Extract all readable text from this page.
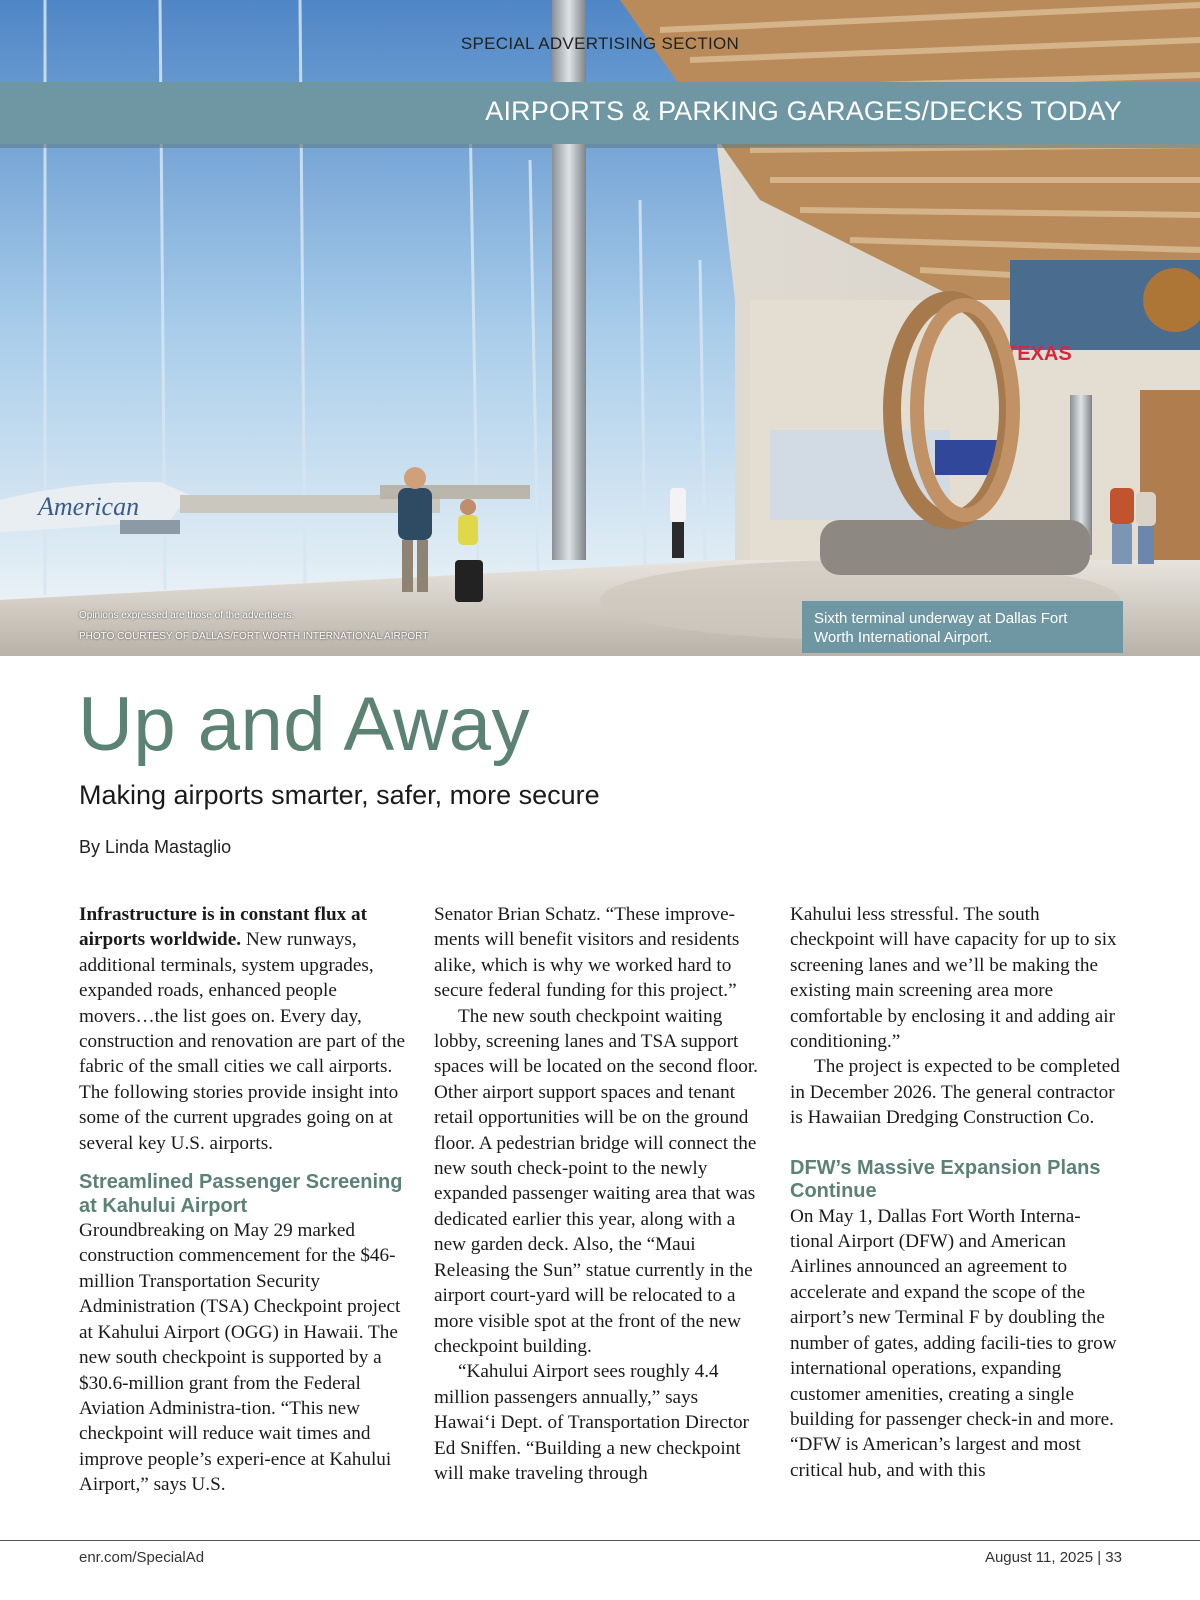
American
TEXAS
SPECIAL ADVERTISING SECTION
AIRPORTS & PARKING GARAGES/DECKS TODAY
Opinions expressed are those of the advertisers.
PHOTO COURTESY OF DALLAS/FORT WORTH INTERNATIONAL AIRPORT
Sixth terminal underway at Dallas Fort Worth International Airport.
Up and Away
Making airports smarter, safer, more secure
By Linda Mastaglio

Infrastructure is in constant flux at airports worldwide. New runways, additional terminals, system upgrades, expanded roads, enhanced people movers…the list goes on. Every day, construction and renovation are part of the fabric of the small cities we call airports. The following stories provide insight into some of the current upgrades going on at several key U.S. airports.

Streamlined Passenger Screening at Kahului Airport

Groundbreaking on May 29 marked construction commencement for the $46-million Transportation Security Administration (TSA) Checkpoint project at Kahului Airport (OGG) in Hawaii. The new south checkpoint is supported by a $30.6-million grant from the Federal Aviation Administra-tion. “This new checkpoint will reduce wait times and improve people’s experi-ence at Kahului Airport,” says U.S.

Senator Brian Schatz. “These improve-ments will benefit visitors and residents alike, which is why we worked hard to secure federal funding for this project.”

The new south checkpoint waiting lobby, screening lanes and TSA support spaces will be located on the second floor. Other airport support spaces and tenant retail opportunities will be on the ground floor. A pedestrian bridge will connect the new south check-point to the newly expanded passenger waiting area that was dedicated earlier this year, along with a new garden deck. Also, the “Maui Releasing the Sun” statue currently in the airport court-yard will be relocated to a more visible spot at the front of the new checkpoint building.

“Kahului Airport sees roughly 4.4 million passengers annually,” says Hawai‘i Dept. of Transportation Director Ed Sniffen. “Building a new checkpoint will make traveling through

Kahului less stressful. The south checkpoint will have capacity for up to six screening lanes and we’ll be making the existing main screening area more comfortable by enclosing it and adding air conditioning.”

The project is expected to be completed in December 2026. The general contractor is Hawaiian Dredging Construction Co.

DFW’s Massive Expansion Plans Continue

On May 1, Dallas Fort Worth Interna-tional Airport (DFW) and American Airlines announced an agreement to accelerate and expand the scope of the airport’s new Terminal F by doubling the number of gates, adding facili-ties to grow international operations, expanding customer amenities, creating a single building for passenger check-in and more. “DFW is American’s largest and most critical hub, and with this

enr.com/SpecialAd	August 11, 2025 | 33
